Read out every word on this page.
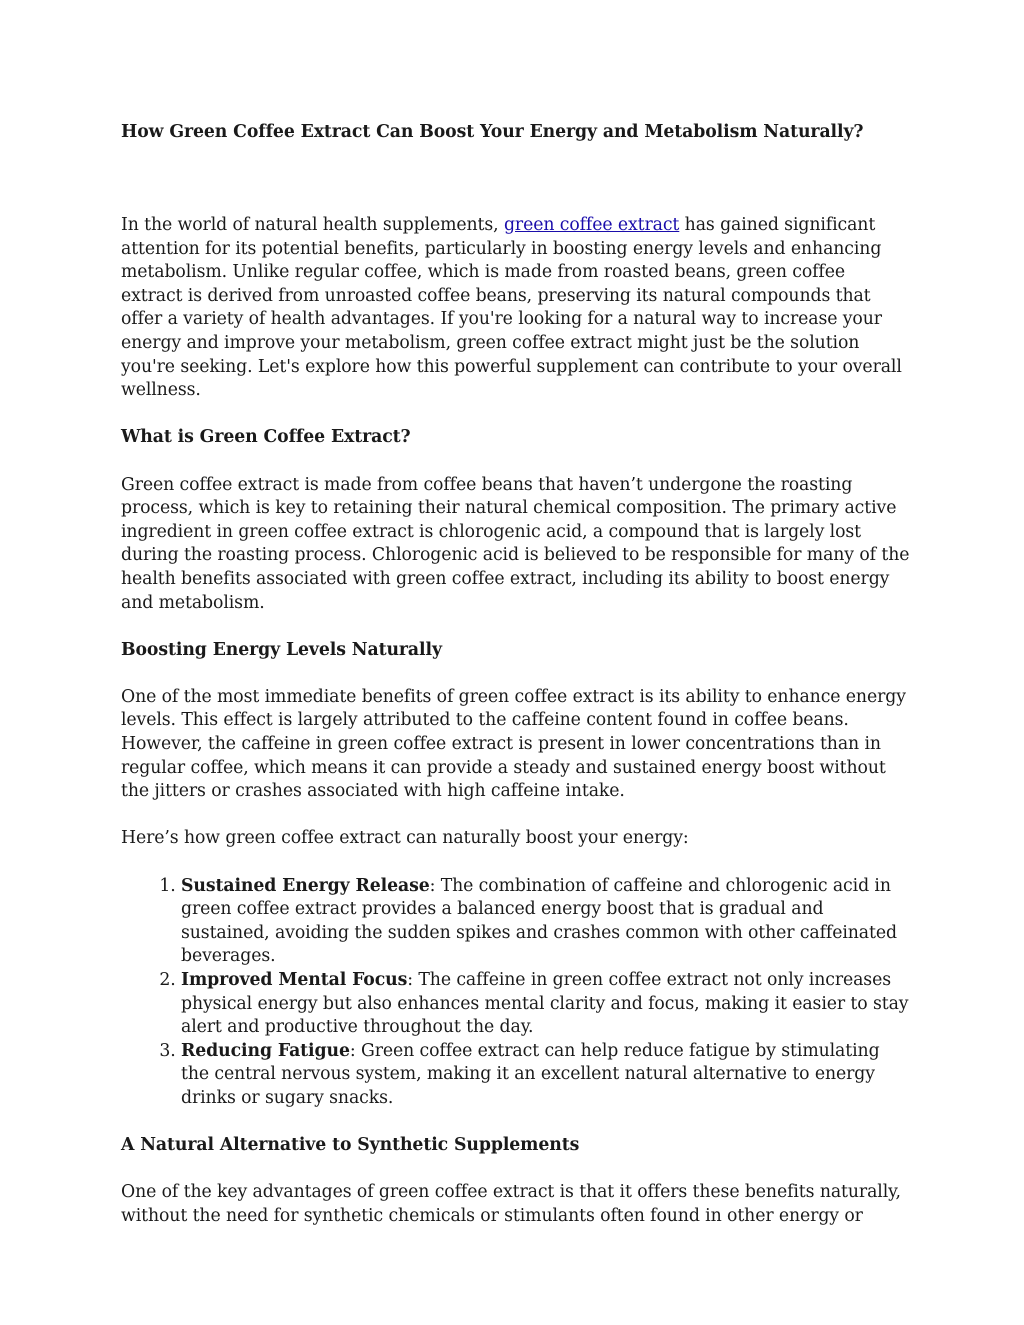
How Green Coffee Extract Can Boost Your Energy and Metabolism Naturally?

In the world of natural health supplements, green coffee extract has gained significant attention for its potential benefits, particularly in boosting energy levels and enhancing metabolism. Unlike regular coffee, which is made from roasted beans, green coffee extract is derived from unroasted coffee beans, preserving its natural compounds that offer a variety of health advantages. If you're looking for a natural way to increase your energy and improve your metabolism, green coffee extract might just be the solution you're seeking. Let's explore how this powerful supplement can contribute to your overall wellness.

What is Green Coffee Extract?

Green coffee extract is made from coffee beans that haven’t undergone the roasting process, which is key to retaining their natural chemical composition. The primary active ingredient in green coffee extract is chlorogenic acid, a compound that is largely lost during the roasting process. Chlorogenic acid is believed to be responsible for many of the health benefits associated with green coffee extract, including its ability to boost energy and metabolism.

Boosting Energy Levels Naturally

One of the most immediate benefits of green coffee extract is its ability to enhance energy levels. This effect is largely attributed to the caffeine content found in coffee beans. However, the caffeine in green coffee extract is present in lower concentrations than in regular coffee, which means it can provide a steady and sustained energy boost without the jitters or crashes associated with high caffeine intake.

Here’s how green coffee extract can naturally boost your energy:

1. Sustained Energy Release: The combination of caffeine and chlorogenic acid in green coffee extract provides a balanced energy boost that is gradual and sustained, avoiding the sudden spikes and crashes common with other caffeinated beverages.
2. Improved Mental Focus: The caffeine in green coffee extract not only increases physical energy but also enhances mental clarity and focus, making it easier to stay alert and productive throughout the day.
3. Reducing Fatigue: Green coffee extract can help reduce fatigue by stimulating the central nervous system, making it an excellent natural alternative to energy drinks or sugary snacks.
A Natural Alternative to Synthetic Supplements

One of the key advantages of green coffee extract is that it offers these benefits naturally, without the need for synthetic chemicals or stimulants often found in other energy or
